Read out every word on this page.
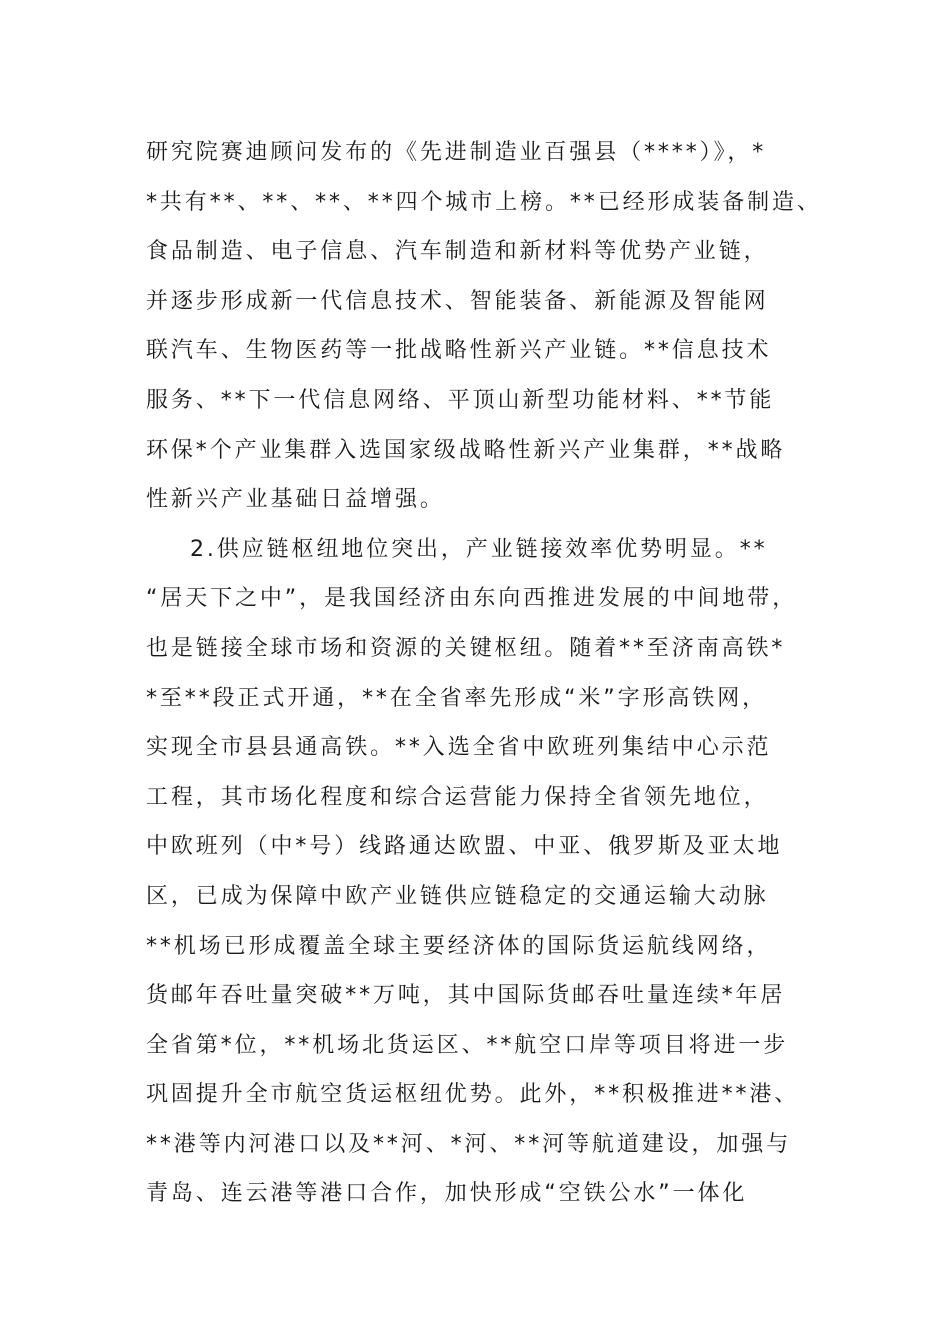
研究院赛迪顾问发布的《先进制造业百强县（****）》，*
*共有**、**、**、**四个城市上榜。**已经形成装备制造、
食品制造、电子信息、汽车制造和新材料等优势产业链，
并逐步形成新一代信息技术、智能装备、新能源及智能网
联汽车、生物医药等一批战略性新兴产业链。**信息技术
服务、**下一代信息网络、平顶山新型功能材料、**节能
环保*个产业集群入选国家级战略性新兴产业集群，**战略
性新兴产业基础日益增强。
2.供应链枢纽地位突出，产业链接效率优势明显。**
“居天下之中”，是我国经济由东向西推进发展的中间地带，
也是链接全球市场和资源的关键枢纽。随着**至济南高铁*
*至**段正式开通，**在全省率先形成“米”字形高铁网，
实现全市县县通高铁。**入选全省中欧班列集结中心示范
工程，其市场化程度和综合运营能力保持全省领先地位，
中欧班列（中*号）线路通达欧盟、中亚、俄罗斯及亚太地
区，已成为保障中欧产业链供应链稳定的交通运输大动脉
**机场已形成覆盖全球主要经济体的国际货运航线网络，
货邮年吞吐量突破**万吨，其中国际货邮吞吐量连续*年居
全省第*位，**机场北货运区、**航空口岸等项目将进一步
巩固提升全市航空货运枢纽优势。此外，**积极推进**港、
**港等内河港口以及**河、*河、**河等航道建设，加强与
青岛、连云港等港口合作，加快形成“空铁公水”一体化
